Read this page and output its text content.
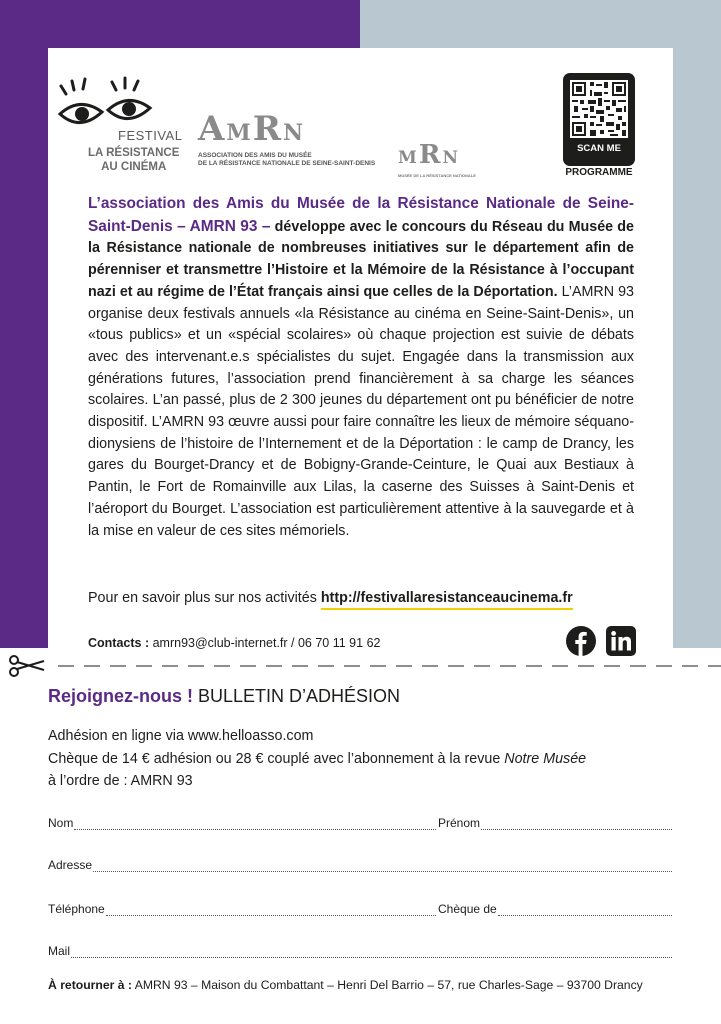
FESTIVAL
LA RÉSISTANCE
AU CINÉMA
AMRN
ASSOCIATION DES AMIS DU MUSÉE
DE LA RÉSISTANCE NATIONALE DE SEINE-SAINT-DENIS MRN
MUSÉE DE LA RÉSISTANCE NATIONALE
SCAN ME
PROGRAMME
L’association des Amis du Musée de la Résistance Nationale de Seine-Saint-Denis – AMRN 93 – développe avec le concours du Réseau du Musée de la Résistance nationale de nombreuses initiatives sur le département afin de pérenniser et transmettre l’Histoire et la Mémoire de la Résistance à l’occupant nazi et au régime de l’État français ainsi que celles de la Déportation. L’AMRN 93 organise deux festivals annuels «la Résistance au cinéma en Seine-Saint-Denis», un «tous publics» et un «spécial scolaires» où chaque projection est suivie de débats avec des intervenant.e.s spécialistes du sujet. Engagée dans la transmission aux générations futures, l’association prend financièrement à sa charge les séances scolaires. L’an passé, plus de 2 300 jeunes du département ont pu bénéficier de notre dispositif. L’AMRN 93 œuvre aussi pour faire connaître les lieux de mémoire séquano-dionysiens de l’histoire de l’Internement et de la Déportation : le camp de Drancy, les gares du Bourget-Drancy et de Bobigny-Grande-Ceinture, le Quai aux Bestiaux à Pantin, le Fort de Romainville aux Lilas, la caserne des Suisses à Saint-Denis et l’aéroport du Bourget. L’association est particulièrement attentive à la sauvegarde et à la mise en valeur de ces sites mémoriels.
Pour en savoir plus sur nos activités http://festivallaresistanceaucinema.fr
Contacts : amrn93@club-internet.fr / 06 70 11 91 62

Rejoignez-nous ! BULLETIN D’ADHÉSION
Adhésion en ligne via www.helloasso.com
Chèque de 14 € adhésion ou 28 € couplé avec l’abonnement à la revue Notre Musée
à l’ordre de : AMRN 93
Nom	Prénom
Adresse
Téléphone	Chèque de
Mail
À retourner à : AMRN 93 – Maison du Combattant – Henri Del Barrio – 57, rue Charles-Sage – 93700 Drancy
